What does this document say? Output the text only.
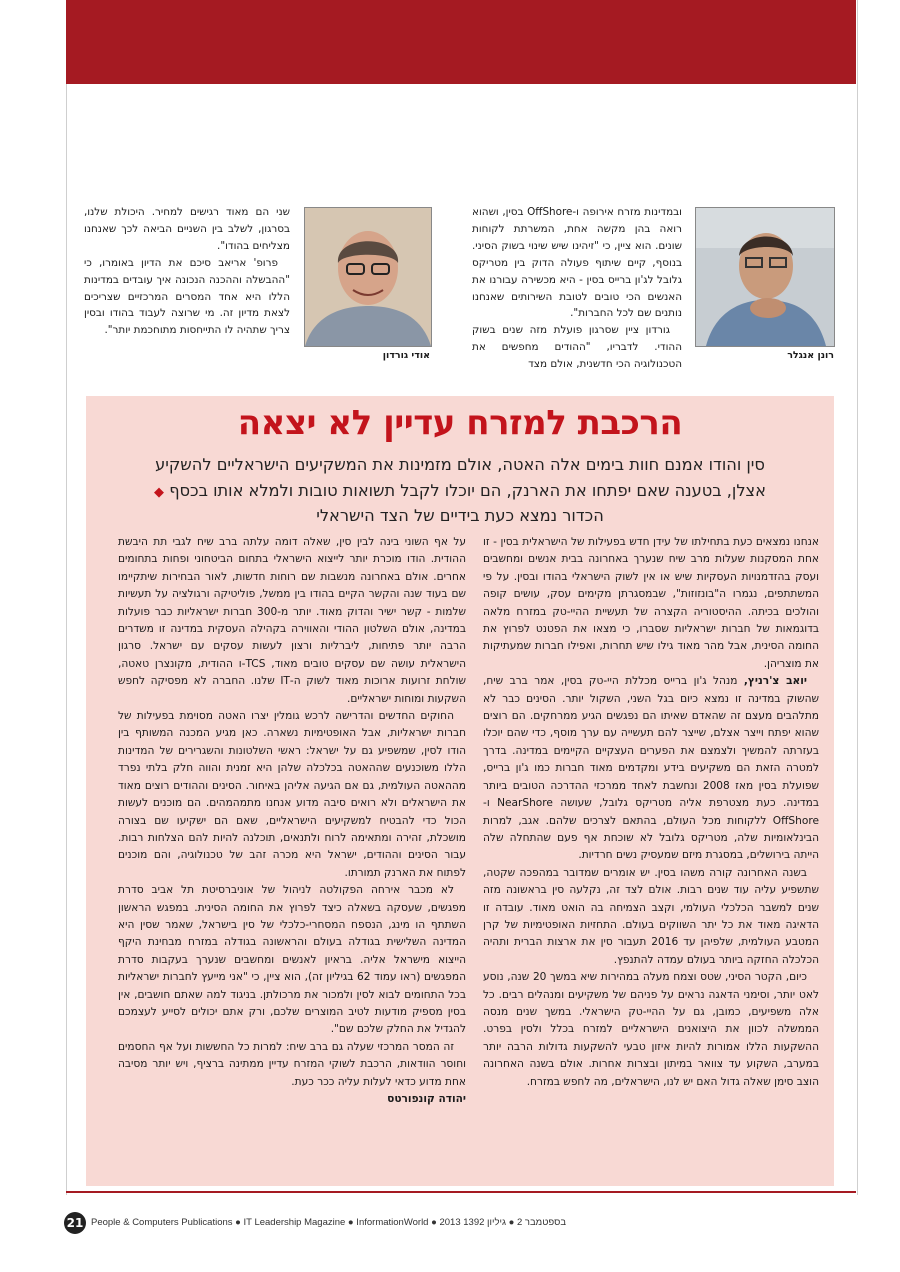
רונן אנגלר
אודי גורדון

ובמדינות מזרח אירופה ו-OffShore בסין, ושהוא רואה בהן מקשה אחת, המשרתת לקוחות שונים. הוא ציין, כי "זיהינו שיש שינוי בשוק הסיני. בנוסף, קיים שיתוף פעולה הדוק בין מטריקס גלובל לג'ון ברייס בסין - היא מכשירה עבורנו את האנשים הכי טובים לטובת השירותים שאנחנו נותנים שם לכל החברות".

גורדון ציין שסרגון פועלת מזה שנים בשוק ההודי. לדבריו, "ההודים מחפשים את הטכנולוגיה הכי חדשנית, אולם מצד

שני הם מאוד רגישים למחיר. היכולת שלנו, בסרגון, לשלב בין השניים הביאה לכך שאנחנו מצליחים בהודו".

פרופ' אריאב סיכם את הדיון באומרו, כי "ההבשלה וההכנה הנכונה איך עובדים במדינות הללו היא אחד המסרים המרכזיים שצריכים לצאת מדיון זה. מי שרוצה לעבוד בהודו ובסין צריך שתהיה לו התייחסות מתוחכמת יותר".

הרכבת למזרח עדיין לא יצאה
סין והודו אמנם חוות בימים אלה האטה, אולם מזמינות את המשקיעים הישראליים להשקיע
אצלן, בטענה שאם יפתחו את הארנק, הם יוכלו לקבל תשואות טובות ולמלא אותו בכסף ◆
הכדור נמצא כעת בידיים של הצד הישראלי

אנחנו נמצאים כעת בתחילתו של עידן חדש בפעילות של הישראלית בסין - זו אחת המסקנות שעלות מרב שיח שנערך באחרונה בבית אנשים ומחשבים ועסק בהזדמנויות העסקיות שיש או אין לשוק הישראלי בהודו ובסין. על פי המשתתפים, נגמרו ה"בונזוזות", שבמסגרתן מקימים עסק, עושים קופה והולכים בכיתה. ההיסטוריה הקצרה של תעשיית ההיי-טק במזרח מלאה בדוגמאות של חברות ישראליות שסברו, כי מצאו את הפטנט לפרוץ את החומה הסינית, אבל מהר מאוד גילו שיש תחרות, ואפילו חברות שמעתיקות את מוצריהן.

יואב צ'רניץ, מנהל ג'ון ברייס מכללת היי-טק בסין, אמר ברב שיח, שהשוק במדינה זו נמצא כיום בגל השני, השקול יותר. הסינים כבר לא מתלהבים מעצם זה שהאדם שאיתו הם נפגשים הגיע ממרחקים. הם רוצים שהוא יפתח וייצר אצלם, שייצר להם תעשייה עם ערך מוסף, כדי שהם יוכלו בעזרתה להמשיך ולצמצם את הפערים העצקיים הקיימים במדינה. בדרך למטרה הזאת הם משקיעים בידע ומקדמים מאוד חברות כמו ג'ון ברייס, שפועלת בסין מאז 2008 ונחשבת לאחד ממרכזי ההדרכה הטובים ביותר במדינה. כעת מצטרפת אליה מטריקס גלובל, שעושה NearShore ו-OffShore ללקוחות מכל העולם, בהתאם לצרכים שלהם. אגב, למרות הבינלאומיות שלה, מטריקס גלובל לא שוכחת אף פעם שהתחלה שלה הייתה בירושלים, במסגרת מיזם שמעסיק נשים חרדיות.

בשנה האחרונה קורה משהו בסין. יש אומרים שמדובר במהפכה שקטה, שתשפיע עליה עוד שנים רבות. אולם לצד זה, נקלעה סין בראשונה מזה שנים למשבר הכלכלי העולמי, וקצב הצמיחה בה הואט מאוד. עובדה זו הדאיגה מאוד את כל יתר השווקים בעולם. התחזיות האופטימיות של קרן המטבע העולמית, שלפיהן עד 2016 תעבור סין את ארצות הברית ותהיה הכלכלה החזקה ביותר בעולם עמדה להתנפץ.

כיום, הקטר הסיני, שטס וצמח מעלה במהירות שיא במשך 20 שנה, נוסע לאט יותר, וסימני הדאגה נראים על פניהם של משקיעים ומנהלים רבים. כל אלה משפיעים, כמובן, גם על ההיי-טק הישראלי. במשך שנים מנסה הממשלה לכוון את היצואנים הישראליים למזרח בכלל ולסין בפרט. ההשקעות הללו אמורות להיות איזון טבעי להשקעות גדולות הרבה יותר במערב, השקוע עד צוואר במיתון ובצרות אחרות. אולם בשנה האחרונה הוצב סימן שאלה גדול האם יש לנו, הישראלים, מה לחפש במזרח.

על אף השוני בינה לבין סין, שאלה דומה עלתה ברב שיח לגבי תת היבשת ההודית. הודו מוכרת יותר לייצוא הישראלי בתחום הביטחוני ופחות בתחומים אחרים. אולם באחרונה מנשבות שם רוחות חדשות, לאור הבחירות שיתקיימו שם בעוד שנה והקשר הקיים בהודו בין ממשל, פוליטיקה ורגולציה על תעשיות שלמות - קשר ישיר והדוק מאוד. יותר מ-300 חברות ישראליות כבר פועלות במדינה, אולם השלטון ההודי והאווירה בקהילה העסקית במדינה זו משדרים הרבה יותר פתיחות, ליברליות ורצון לעשות עסקים עם ישראל. סרגון הישראלית עושה שם עסקים טובים מאוד, TCS-ו ההודית, מקונצרן טאטה, שולחת זרועות ארוכות מאוד לשוק ה-IT שלנו. החברה לא מפסיקה לחפש השקעות ומוחות ישראליים.

החוקים החדשים והדרישה לרכש גומלין יצרו האטה מסוימת בפעילות של חברות ישראליות, אבל האופטימיות נשארה. כאן מגיע המכנה המשותף בין הודו לסין, שמשפיע גם על ישראל: ראשי השלטונות והשגרירים של המדינות הללו משוכנעים שההאטה בכלכלה שלהן היא זמנית והווה חלק בלתי נפרד מההאטה העולמית, גם אם הגיעה אליהן באיחור. הסינים וההודים רוצים מאוד את הישראלים ולא רואים סיבה מדוע אנחנו מתמהמהים. הם מוכנים לעשות הכול כדי להבטיח למשקיעים הישראליים, שאם הם ישקיעו שם בצורה מושכלת, זהירה ומתאימה לרוח ולתנאים, תוכלנה להיות להם הצלחות רבות. עבור הסינים וההודים, ישראל היא מכרה זהב של טכנולוגיה, והם מוכנים לפתוח את הארנק תמורתו.

לא מכבר אירחה הפקולטה לניהול של אוניברסיטת תל אביב סדרת מפגשים, שעסקה בשאלה כיצד לפרוץ את החומה הסינית. במפגש הראשון השתתף הו מינג, הנספח המסחרי-כלכלי של סין בישראל, שאמר שסין היא המדינה השלישית בגודלה בעולם והראשונה בגודלה במזרח מבחינת היקף הייצוא מישראל אליה. בראיון לאנשים ומחשבים שנערך בעקבות סדרת המפגשים (ראו עמוד 62 בגיליון זה), הוא ציין, כי "אני מייעץ לחברות ישראליות בכל התחומים לבוא לסין ולמכור את מרכולתן. בניגוד למה שאתם חושבים, אין בסין מספיק מודעות לטיב המוצרים שלכם, ורק אתם יכולים לסייע לעצמכם להגדיל את החלק שלכם שם".

זה המסר המרכזי שעלה גם ברב שיח: למרות כל החששות ועל אף החסמים וחוסר הוודאות, הרכבת לשוקי המזרח עדיין ממתינה ברציף, ויש יותר מסיבה אחת מדוע כדאי לעלות עליה ככר כעת.

יהודה קונפורטס

21 People & Computers Publications ● IT Leadership Magazine ● InformationWorld ● 2013 בספטמבר 2 ● גיליון 1392
